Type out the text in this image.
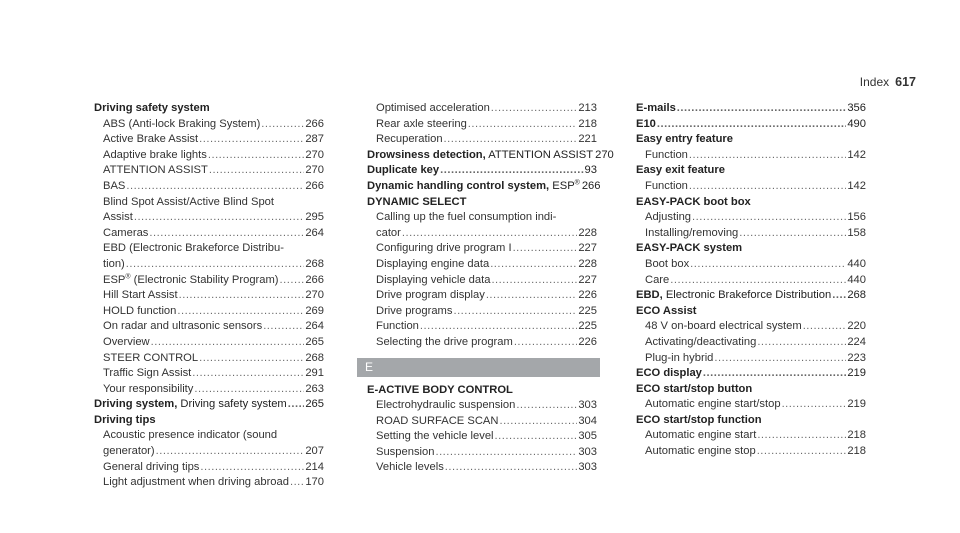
Index 617
Driving safety system
ABS (Anti-lock Braking System) .....	266
Active Brake Assist .....	287
Adaptive brake lights .....	270
ATTENTION ASSIST .....	270
BAS .....	266
Blind Spot Assist/Active Blind Spot
Assist .....	295
Cameras .....	264
EBD (Electronic Brakeforce Distribu-
tion) .....	268
ESP® (Electronic Stability Program) ..... 266
Hill Start Assist .....	270
HOLD function .....	269
On radar and ultrasonic sensors .....	264
Overview .....	265
STEER CONTROL .....	268
Traffic Sign Assist .....	291
Your responsibility .....	263
Driving system, Driving safety system ..... 265
Driving tips
Acoustic presence indicator (sound
generator) .....	207
General driving tips .....	214
Light adjustment when driving abroad ..... 170
Optimised acceleration .....	213
Rear axle steering .....	218
Recuperation .....	221
Drowsiness detection, ATTENTION ASSIST 270
Duplicate key .....	93
Dynamic handling control system, ESP® 266
DYNAMIC SELECT
Calling up the fuel consumption indi-
cator .....	228
Configuring drive program I .....	227
Displaying engine data .....	228
Displaying vehicle data .....	227
Drive program display .....	226
Drive programs .....	225
Function .....	225
Selecting the drive program .....	226
E
E-ACTIVE BODY CONTROL
Electrohydraulic suspension .....	303
ROAD SURFACE SCAN .....	304
Setting the vehicle level .....	305
Suspension .....	303
Vehicle levels .....	303
E-mails .....	356
E10 .....	490
Easy entry feature
Function .....	142
Easy exit feature
Function .....	142
EASY-PACK boot box
Adjusting .....	156
Installing/removing .....	158
EASY-PACK system
Boot box .....	440
Care .....	440
EBD, Electronic Brakeforce Distribution ..... 268
ECO Assist
48 V on-board electrical system .....	220
Activating/deactivating .....	224
Plug-in hybrid .....	223
ECO display .....	219
ECO start/stop button
Automatic engine start/stop .....	219
ECO start/stop function
Automatic engine start .....	218
Automatic engine stop .....	218
